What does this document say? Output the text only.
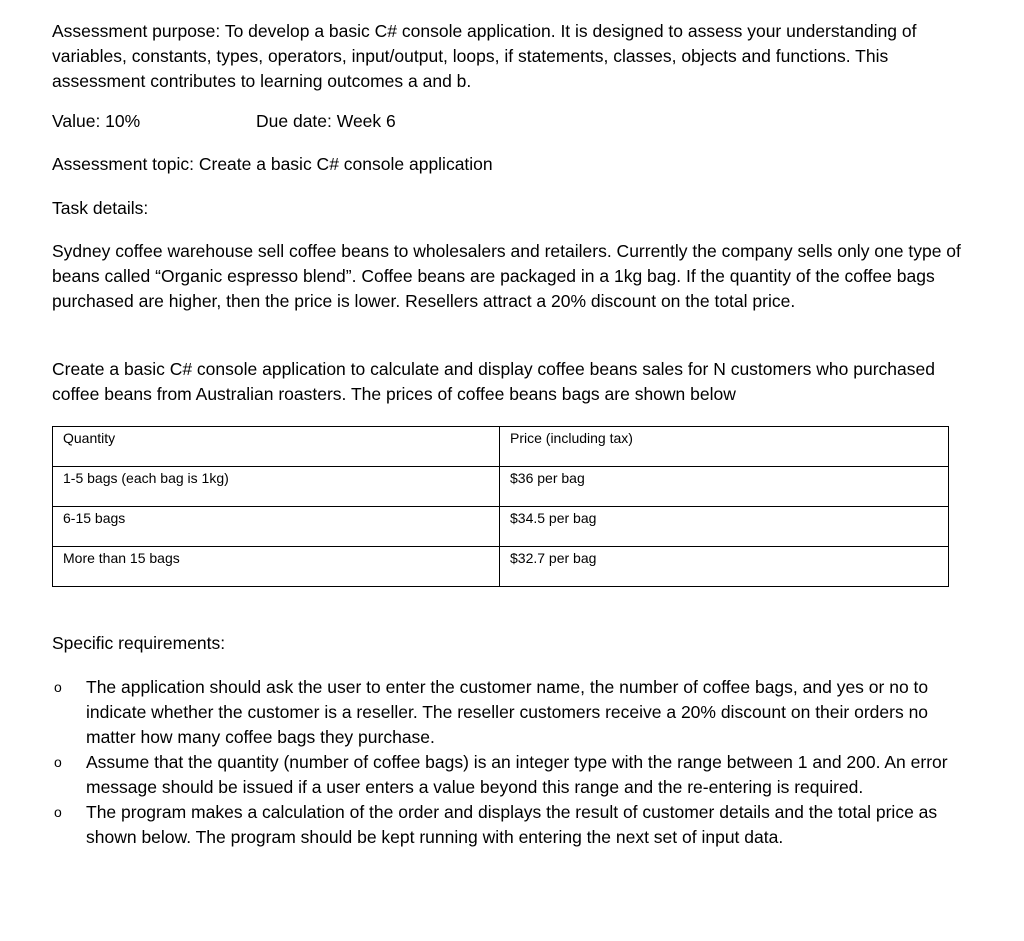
Assessment purpose: To develop a basic C# console application. It is designed to assess your understanding of variables, constants, types, operators, input/output, loops, if statements, classes, objects and functions. This assessment contributes to learning outcomes a and b.

Value: 10%	Due date: Week 6

Assessment topic: Create a basic C# console application

Task details:

Sydney coffee warehouse sell coffee beans to wholesalers and retailers. Currently the company sells only one type of beans called “Organic espresso blend”. Coffee beans are packaged in a 1kg bag. If the quantity of the coffee bags purchased are higher, then the price is lower. Resellers attract a 20% discount on the total price.

Create a basic C# console application to calculate and display coffee beans sales for N customers who purchased coffee beans from Australian roasters. The prices of coffee beans bags are shown below

Quantity	Price (including tax)
1-5 bags (each bag is 1kg)	$36 per bag
6-15 bags	$34.5 per bag
More than 15 bags	$32.7 per bag

Specific requirements:

o The application should ask the user to enter the customer name, the number of coffee bags, and yes or no to indicate whether the customer is a reseller. The reseller customers receive a 20% discount on their orders no matter how many coffee bags they purchase.
o Assume that the quantity (number of coffee bags) is an integer type with the range between 1 and 200. An error message should be issued if a user enters a value beyond this range and the re-entering is required.
o The program makes a calculation of the order and displays the result of customer details and the total price as shown below. The program should be kept running with entering the next set of input data.
